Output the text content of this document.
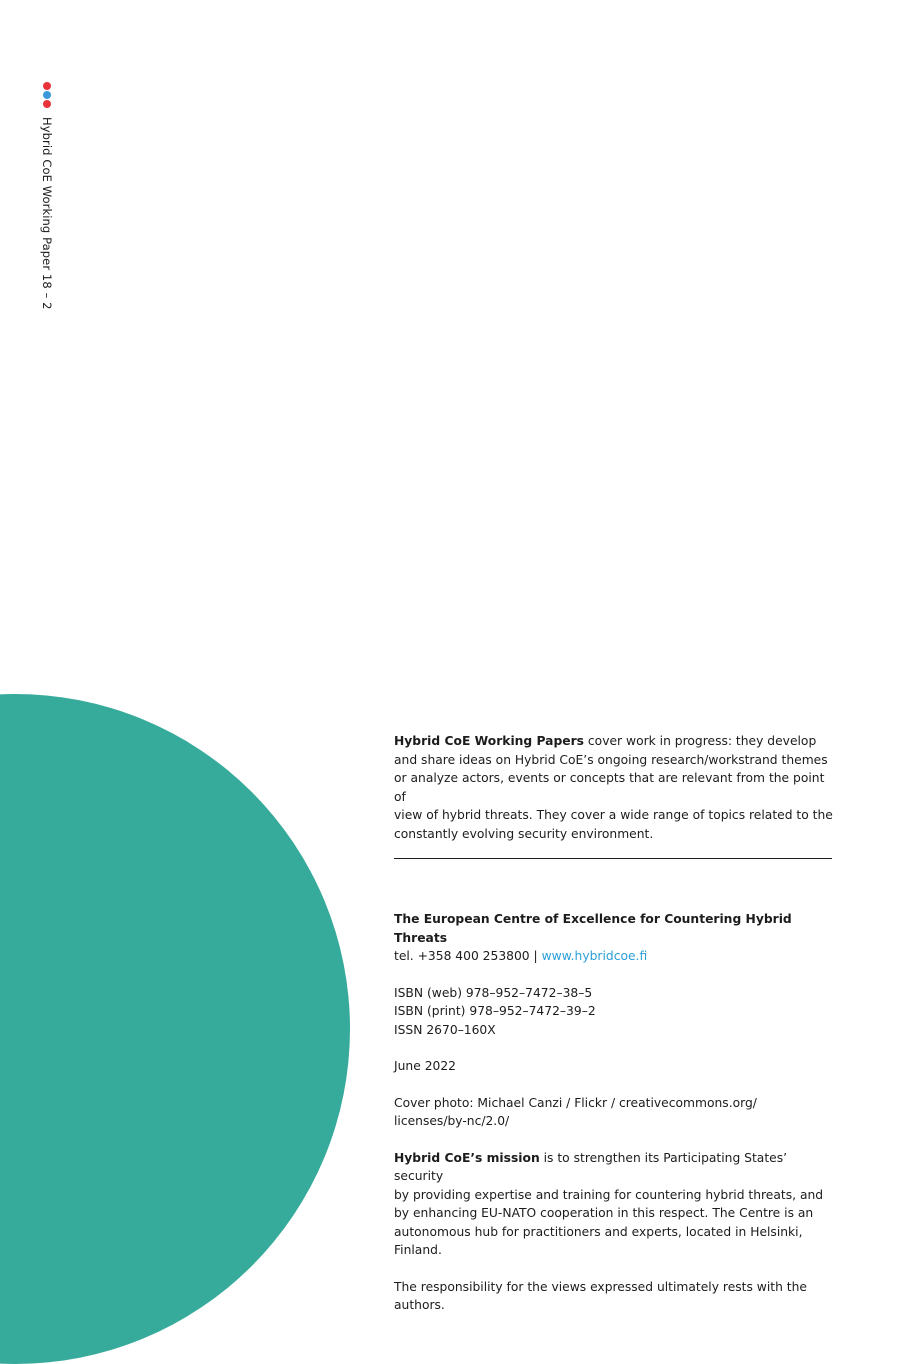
Hybrid CoE Working Paper 18 – 2

Hybrid CoE Working Papers cover work in progress: they develop
and share ideas on Hybrid CoE’s ongoing research/workstrand themes
or analyze actors, events or concepts that are relevant from the point of
view of hybrid threats. They cover a wide range of topics related to the
constantly evolving security environment.

The European Centre of Excellence for Countering Hybrid Threats
tel. +358 400 253800 | www.hybridcoe.fi

ISBN (web) 978–952–7472–38–5
ISBN (print) 978–952–7472–39–2
ISSN 2670–160X

June 2022

Cover photo: Michael Canzi / Flickr / creativecommons.org/
licenses/by-nc/2.0/

Hybrid CoE’s mission is to strengthen its Participating States’ security
by providing expertise and training for countering hybrid threats, and
by enhancing EU-NATO cooperation in this respect. The Centre is an
autonomous hub for practitioners and experts, located in Helsinki, Finland.

The responsibility for the views expressed ultimately rests with the authors.
